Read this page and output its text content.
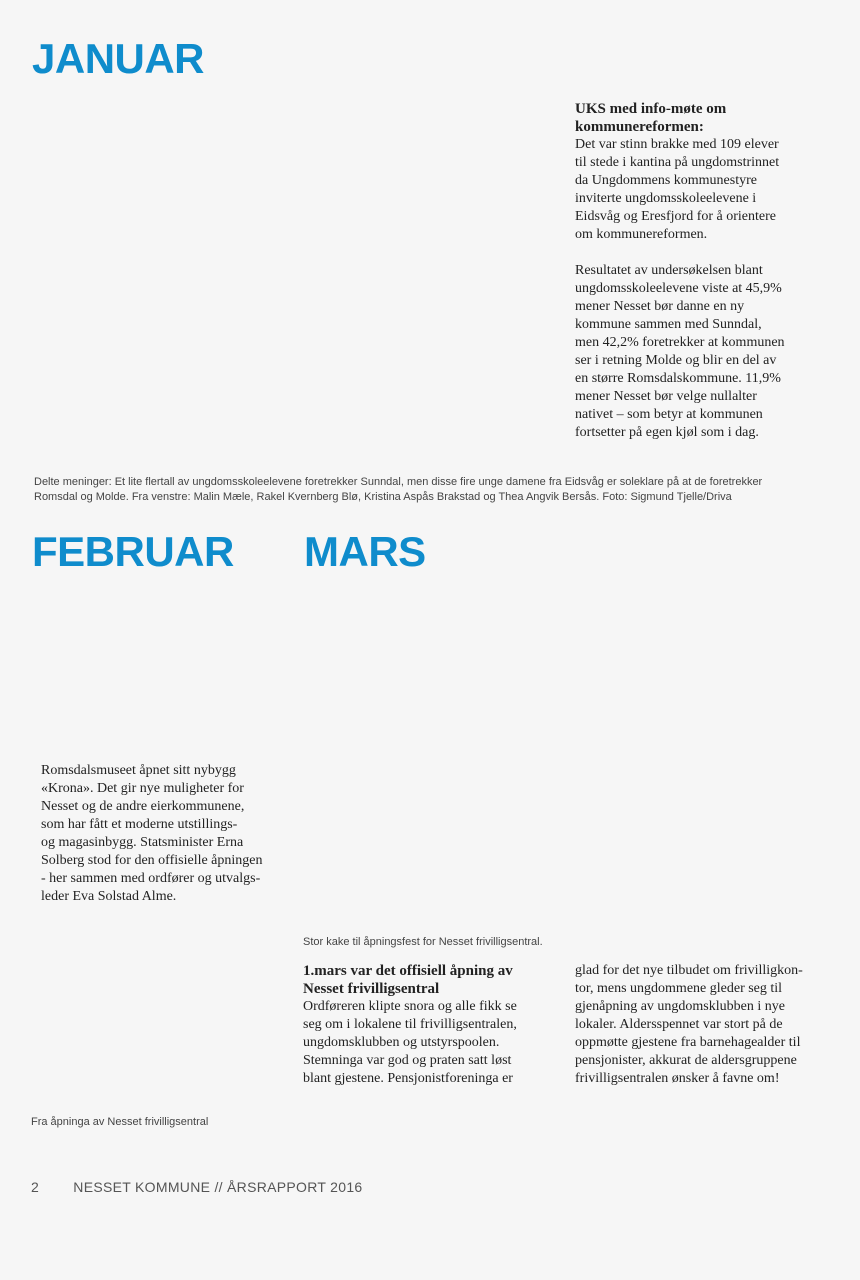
JANUAR

UKS med info-møte om
kommunereformen:

Det var stinn brakke med 109 elever
til stede i kantina på ungdomstrinnet
da Ungdommens kommunestyre
inviterte ungdomsskoleelevene i
Eidsvåg og Eresfjord for å orientere
om kommunereformen.

Resultatet av undersøkelsen blant
ungdomsskoleelevene viste at 45,9%
mener Nesset bør danne en ny
kommune sammen med Sunndal,
men 42,2% foretrekker at kommunen
ser i retning Molde og blir en del av
en større Romsdalskommune. 11,9%
mener Nesset bør velge nullalter
nativet – som betyr at kommunen
fortsetter på egen kjøl som i dag.

Delte meninger: Et lite flertall av ungdomsskoleelevene foretrekker Sunndal, men disse fire unge damene fra Eidsvåg er soleklare på at de foretrekker
Romsdal og Molde. Fra venstre: Malin Mæle, Rakel Kvernberg Blø, Kristina Aspås Brakstad og Thea Angvik Bersås. Foto: Sigmund Tjelle/Driva
FEBRUAR MARS

Romsdalsmuseet åpnet sitt nybygg
«Krona». Det gir nye muligheter for
Nesset og de andre eierkommunene,
som har fått et moderne utstillings-
og magasinbygg. Statsminister Erna
Solberg stod for den offisielle åpningen
- her sammen med ordfører og utvalgs-
leder Eva Solstad Alme.

Stor kake til åpningsfest for Nesset frivilligsentral.

1.mars var det offisiell åpning av
Nesset frivilligsentral

Ordføreren klipte snora og alle fikk se
seg om i lokalene til frivilligsentralen,
ungdomsklubben og utstyrspoolen.
Stemninga var god og praten satt løst
blant gjestene. Pensjonistforeninga er

glad for det nye tilbudet om frivilligkon-
tor, mens ungdommene gleder seg til
gjenåpning av ungdomsklubben i nye
lokaler. Aldersspennet var stort på de
oppmøtte gjestene fra barnehagealder til
pensjonister, akkurat de aldersgruppene
frivilligsentralen ønsker å favne om!

Fra åpninga av Nesset frivilligsentral
2 NESSET KOMMUNE // ÅRSRAPPORT 2016
